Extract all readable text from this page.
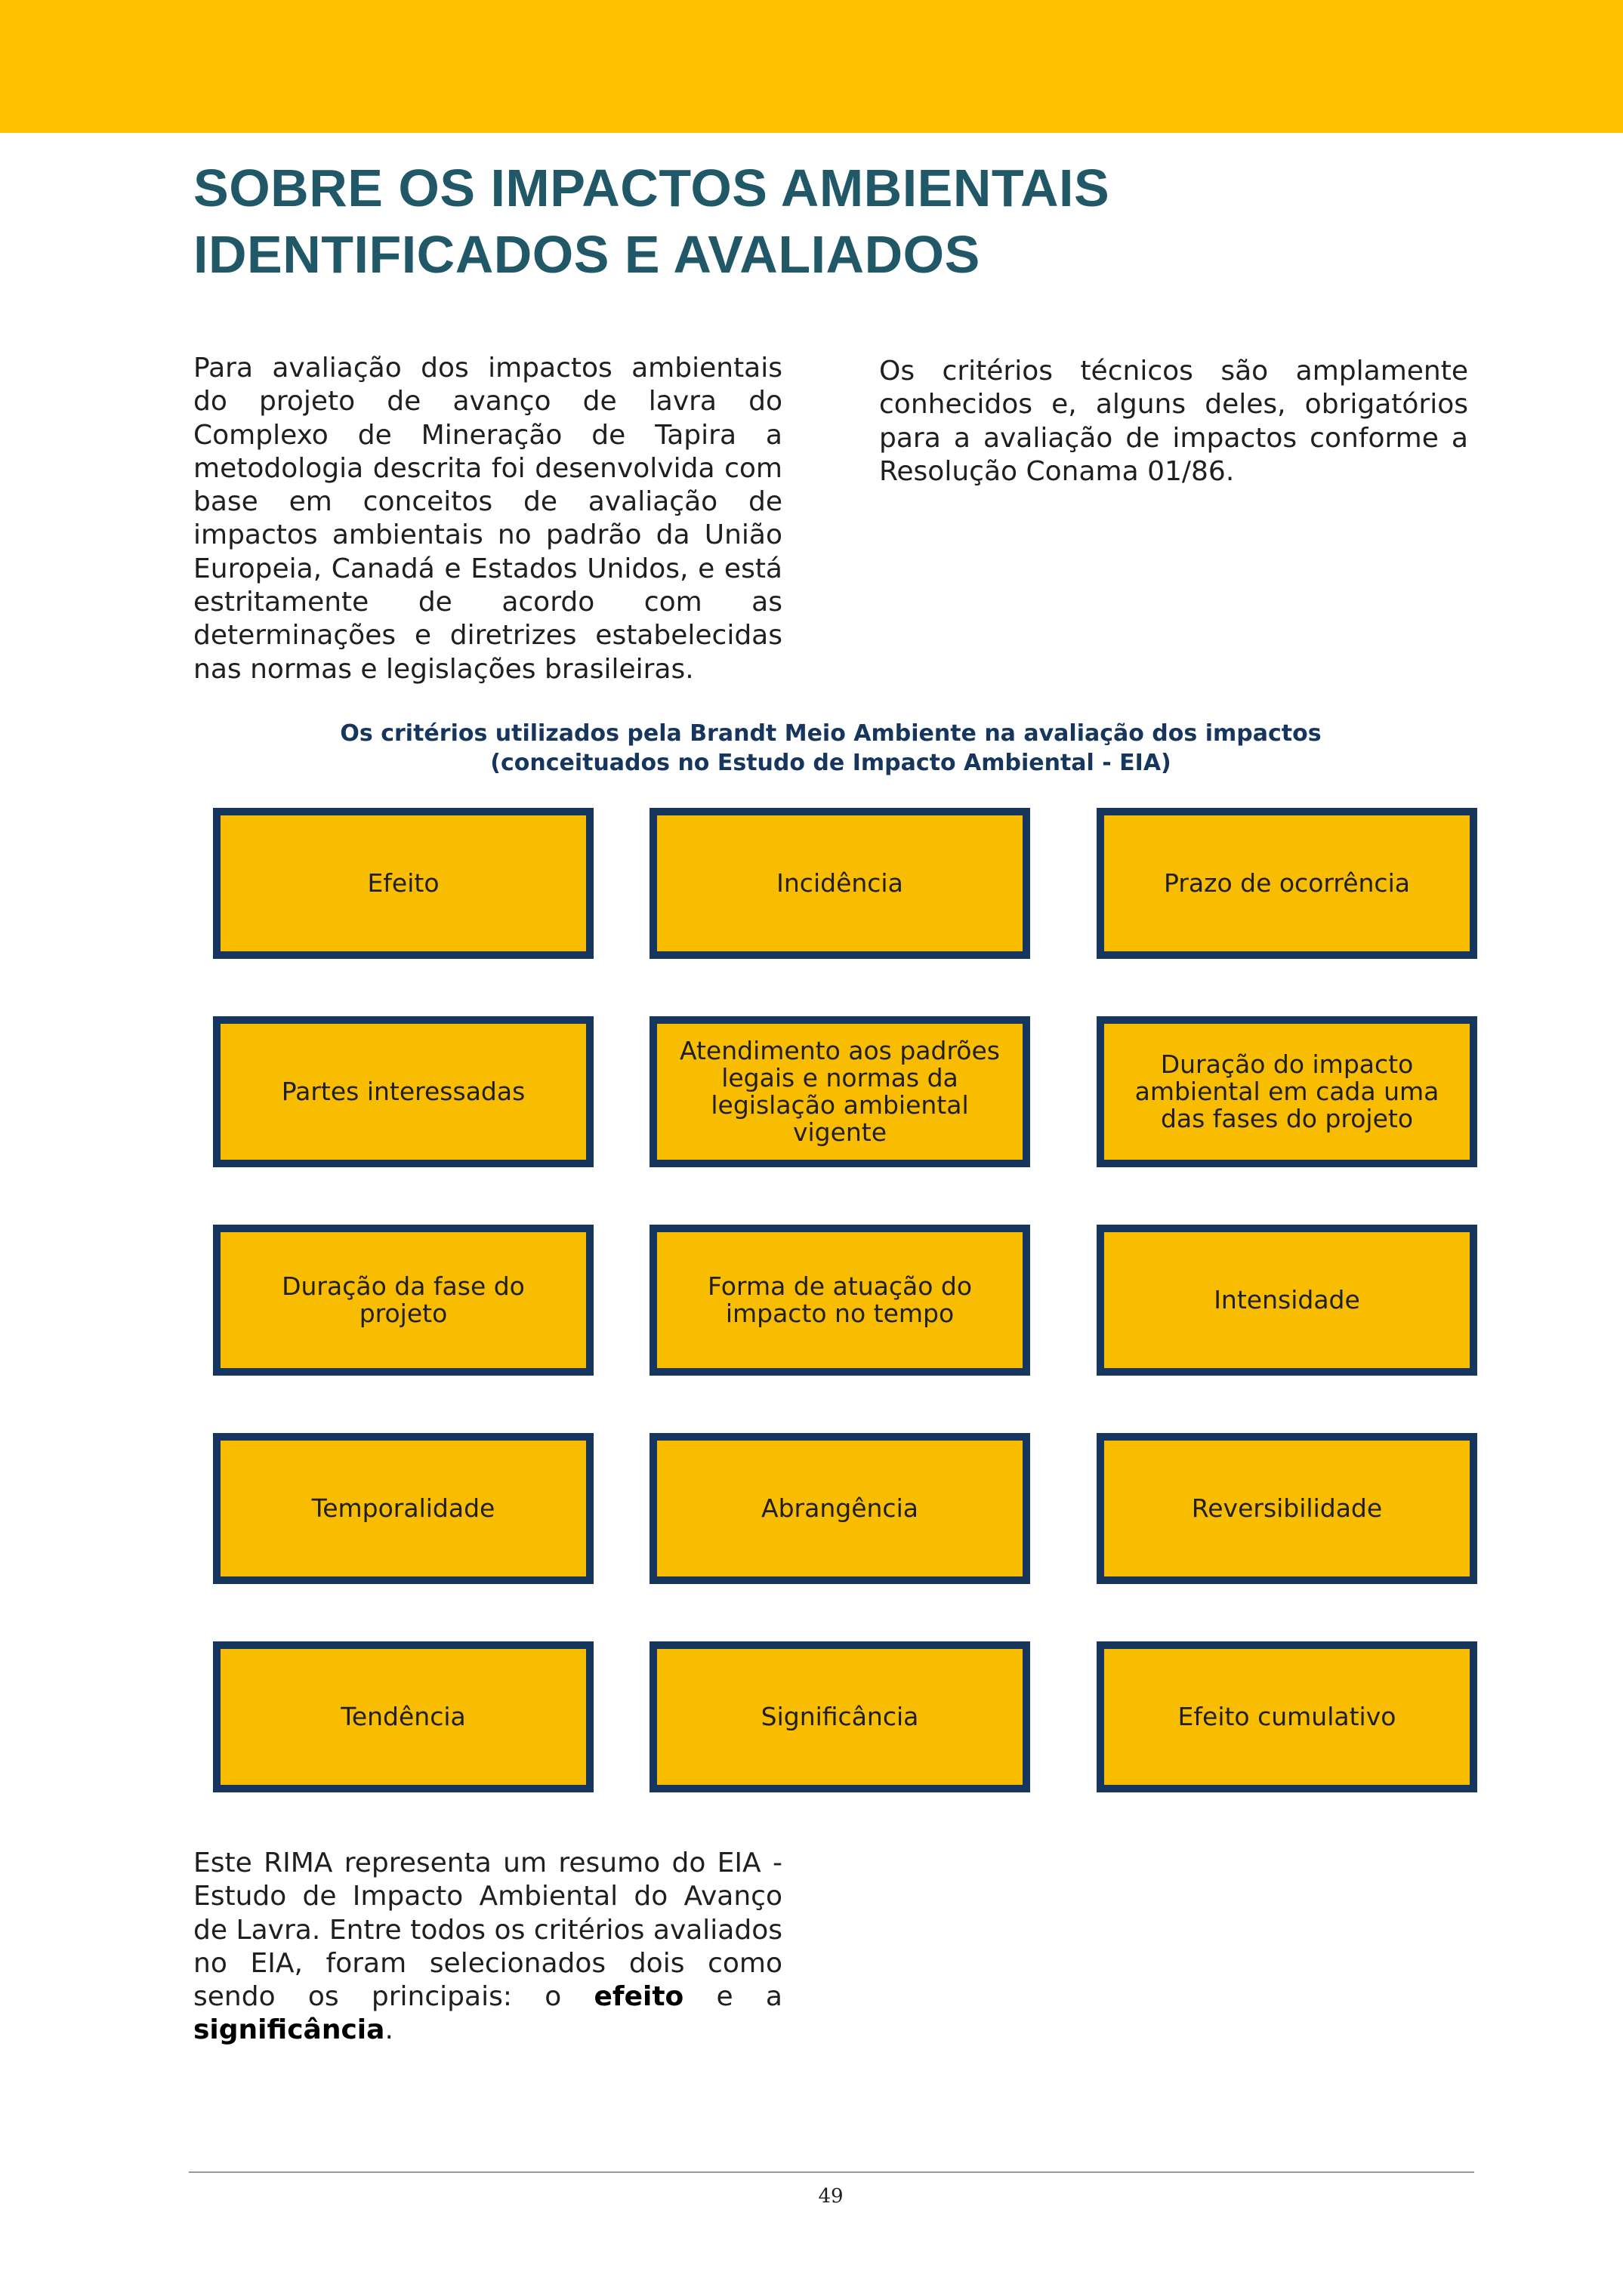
SOBRE OS IMPACTOS AMBIENTAIS IDENTIFICADOS E AVALIADOS

Para avaliação dos impactos ambientais do projeto de avanço de lavra do Complexo de Mineração de Tapira a metodologia descrita foi desenvolvida com base em conceitos de avaliação de impactos ambientais no padrão da União Europeia, Canadá e Estados Unidos, e está estritamente de acordo com as determinações e diretrizes estabelecidas nas normas e legislações brasileiras.

Os critérios técnicos são amplamente conhecidos e, alguns deles, obrigatórios para a avaliação de impactos conforme a Resolução Conama 01/86.

Os critérios utilizados pela Brandt Meio Ambiente na avaliação dos impactos
(conceituados no Estudo de Impacto Ambiental - EIA)
Efeito	Incidência	Prazo de ocorrência
Partes interessadas
Atendimento aos padrões legais e normas da legislação ambiental vigente
Duração do impacto ambiental em cada uma das fases do projeto
Duração da fase do projeto
Forma de atuação do impacto no tempo	Intensidade
Temporalidade	Abrangência	Reversibilidade
Tendência	Significância	Efeito cumulativo

Este RIMA representa um resumo do EIA - Estudo de Impacto Ambiental do Avanço de Lavra. Entre todos os critérios avaliados no EIA, foram selecionados dois como sendo os principais: o efeito e a significância.

49
